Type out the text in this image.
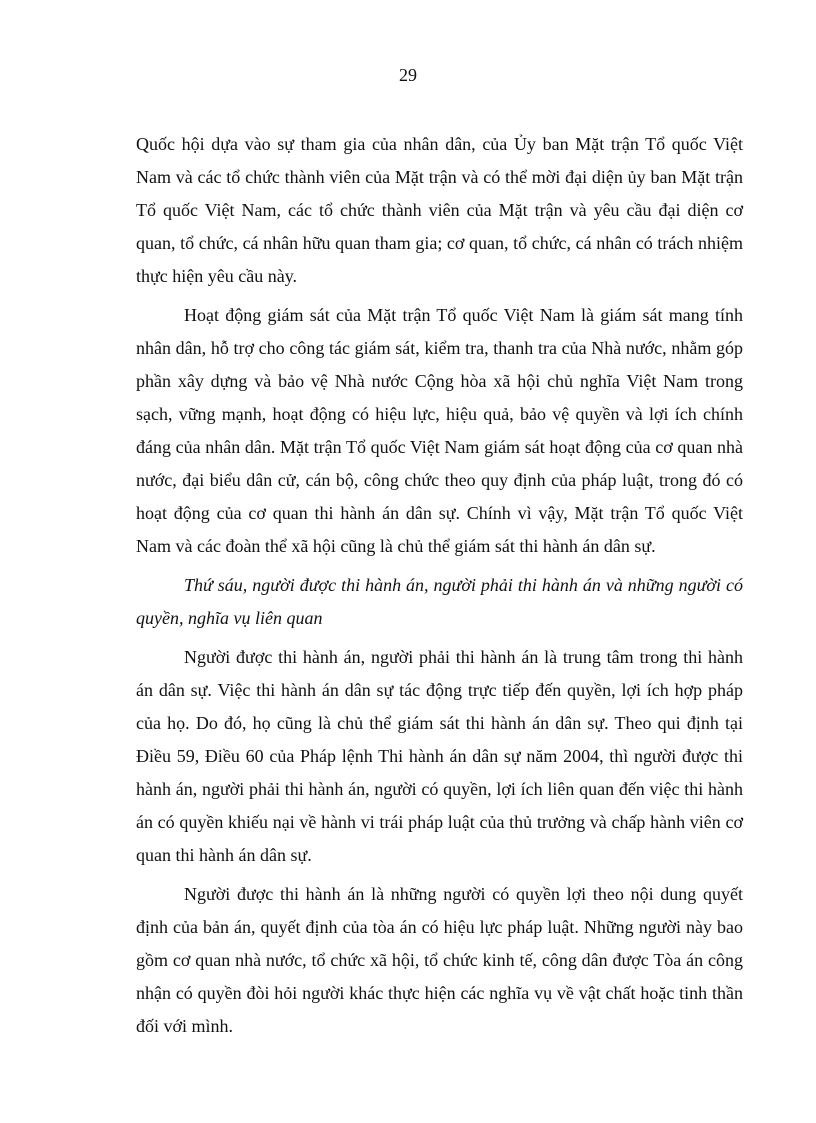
29

Quốc hội dựa vào sự tham gia của nhân dân, của Ủy ban Mặt trận Tổ quốc Việt Nam và các tổ chức thành viên của Mặt trận và có thể mời đại diện ủy ban Mặt trận Tổ quốc Việt Nam, các tổ chức thành viên của Mặt trận và yêu cầu đại diện cơ quan, tổ chức, cá nhân hữu quan tham gia; cơ quan, tổ chức, cá nhân có trách nhiệm thực hiện yêu cầu này.

Hoạt động giám sát của Mặt trận Tổ quốc Việt Nam là giám sát mang tính nhân dân, hỗ trợ cho công tác giám sát, kiểm tra, thanh tra của Nhà nước, nhằm góp phần xây dựng và bảo vệ Nhà nước Cộng hòa xã hội chủ nghĩa Việt Nam trong sạch, vững mạnh, hoạt động có hiệu lực, hiệu quả, bảo vệ quyền và lợi ích chính đáng của nhân dân. Mặt trận Tổ quốc Việt Nam giám sát hoạt động của cơ quan nhà nước, đại biểu dân cử, cán bộ, công chức theo quy định của pháp luật, trong đó có hoạt động của cơ quan thi hành án dân sự. Chính vì vậy, Mặt trận Tổ quốc Việt Nam và các đoàn thể xã hội cũng là chủ thể giám sát thi hành án dân sự.

Thứ sáu, người được thi hành án, người phải thi hành án và những người có quyền, nghĩa vụ liên quan

Người được thi hành án, người phải thi hành án là trung tâm trong thi hành án dân sự. Việc thi hành án dân sự tác động trực tiếp đến quyền, lợi ích hợp pháp của họ. Do đó, họ cũng là chủ thể giám sát thi hành án dân sự. Theo qui định tại Điều 59, Điều 60 của Pháp lệnh Thi hành án dân sự năm 2004, thì người được thi hành án, người phải thi hành án, người có quyền, lợi ích liên quan đến việc thi hành án có quyền khiếu nại về hành vi trái pháp luật của thủ trưởng và chấp hành viên cơ quan thi hành án dân sự.

Người được thi hành án là những người có quyền lợi theo nội dung quyết định của bản án, quyết định của tòa án có hiệu lực pháp luật. Những người này bao gồm cơ quan nhà nước, tổ chức xã hội, tổ chức kinh tế, công dân được Tòa án công nhận có quyền đòi hỏi người khác thực hiện các nghĩa vụ về vật chất hoặc tinh thần đối với mình.
